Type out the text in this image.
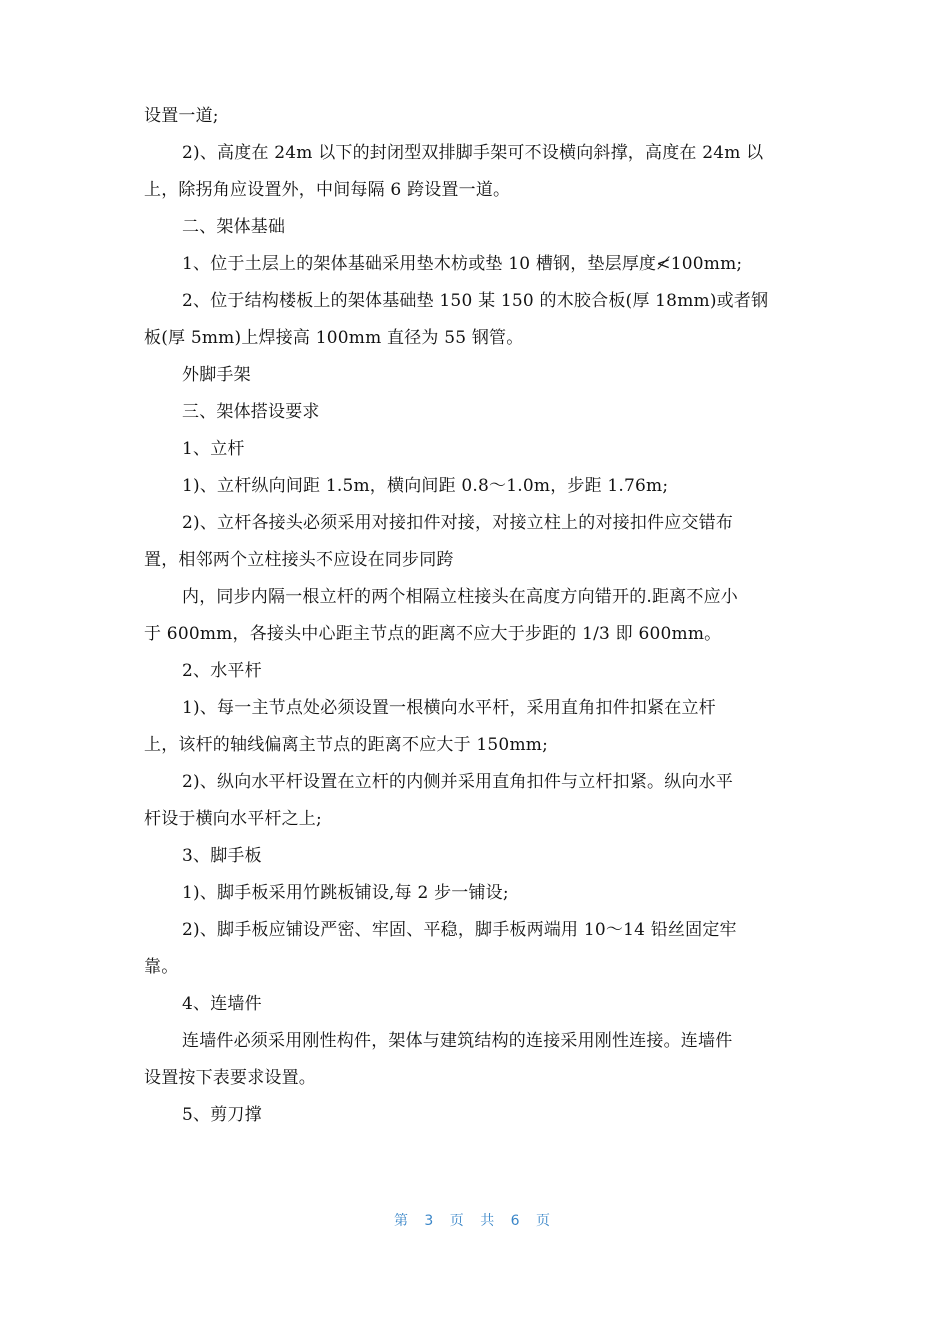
设置一道;
2)、高度在 24m 以下的封闭型双排脚手架可不设横向斜撑，高度在 24m 以
上，除拐角应设置外，中间每隔 6 跨设置一道。
二、架体基础
1、位于土层上的架体基础采用垫木枋或垫 10 槽钢，垫层厚度≮100mm;
2、位于结构楼板上的架体基础垫 150 某 150 的木胶合板(厚 18mm)或者钢
板(厚 5mm)上焊接高 100mm 直径为 55 钢管。
外脚手架
三、架体搭设要求
1、立杆
1)、立杆纵向间距 1.5m，横向间距 0.8～1.0m，步距 1.76m;
2)、立杆各接头必须采用对接扣件对接，对接立柱上的对接扣件应交错布
置，相邻两个立柱接头不应设在同步同跨
内，同步内隔一根立杆的两个相隔立柱接头在高度方向错开的.距离不应小
于 600mm，各接头中心距主节点的距离不应大于步距的 1/3 即 600mm。
2、水平杆
1)、每一主节点处必须设置一根横向水平杆，采用直角扣件扣紧在立杆
上，该杆的轴线偏离主节点的距离不应大于 150mm;
2)、纵向水平杆设置在立杆的内侧并采用直角扣件与立杆扣紧。纵向水平
杆设于横向水平杆之上;
3、脚手板
1)、脚手板采用竹跳板铺设,每 2 步一铺设;
2)、脚手板应铺设严密、牢固、平稳，脚手板两端用 10～14 铅丝固定牢
靠。
4、连墙件
连墙件必须采用刚性构件，架体与建筑结构的连接采用刚性连接。连墙件
设置按下表要求设置。
5、剪刀撑
第 3 页 共 6 页
